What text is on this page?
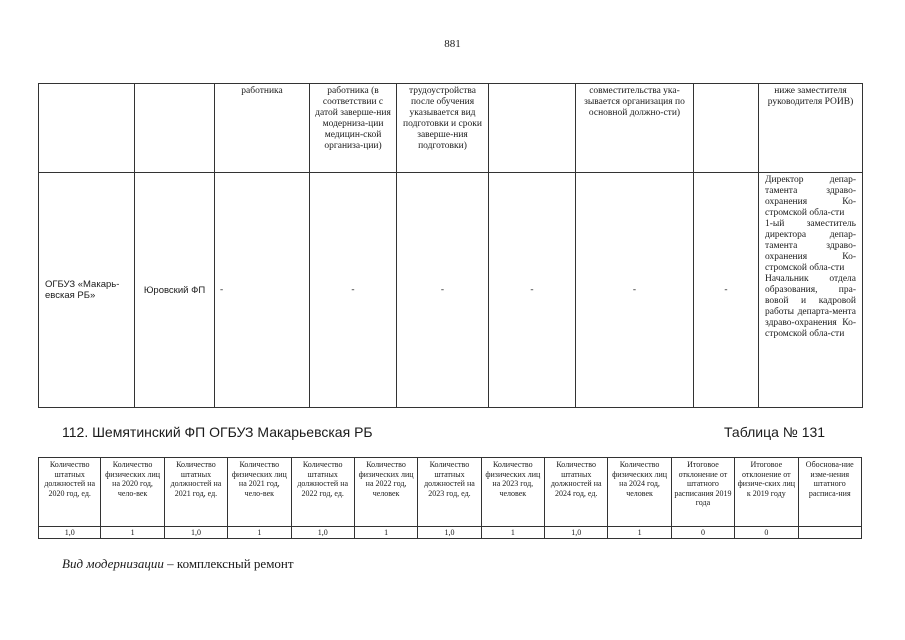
881
		работника	работника (в соответствии с датой заверше-ния модерниза-ции медицин-ской организа-ции)	трудоустройства после обучения указывается вид подготовки и сроки заверше-ния подготовки)		совместительства ука-зывается организация по основной должно-сти)		ниже заместителя руководителя РОИВ)
ОГБУЗ «Макарь-евская РБ»	Юровский ФП	-	-	-	-	-	-	Директор депар-тамента здраво-охранения Ко-стромской обла-сти
1-ый заместитель директора депар-тамента здраво-охранения Ко-стромской обла-сти
Начальник отдела образования, пра-вовой и кадровой работы департа-мента здраво-охранения Ко-стромской обла-сти
112. Шемятинский ФП ОГБУЗ Макарьевская РБ	Таблица № 131
Количество штатных должностей на 2020 год, ед.	Количество физических лиц на 2020 год, чело-век	Количество штатных должностей на 2021 год, ед.	Количество физических лиц на 2021 год, чело-век	Количество штатных должностей на 2022 год, ед.	Количество физических лиц на 2022 год, человек	Количество штатных должностей на 2023 год, ед.	Количество физических лиц на 2023 год, человек	Количество штатных должностей на 2024 год, ед.	Количество физических лиц на 2024 год, человек	Итоговое отклонение от штатного расписания 2019 года	Итоговое отклонение от физиче-ских лиц к 2019 году	Обоснова-ние изме-нения штатного расписа-ния
1,0	1	1,0	1	1,0	1	1,0	1	1,0	1	0	0	
Вид модернизации – комплексный ремонт
